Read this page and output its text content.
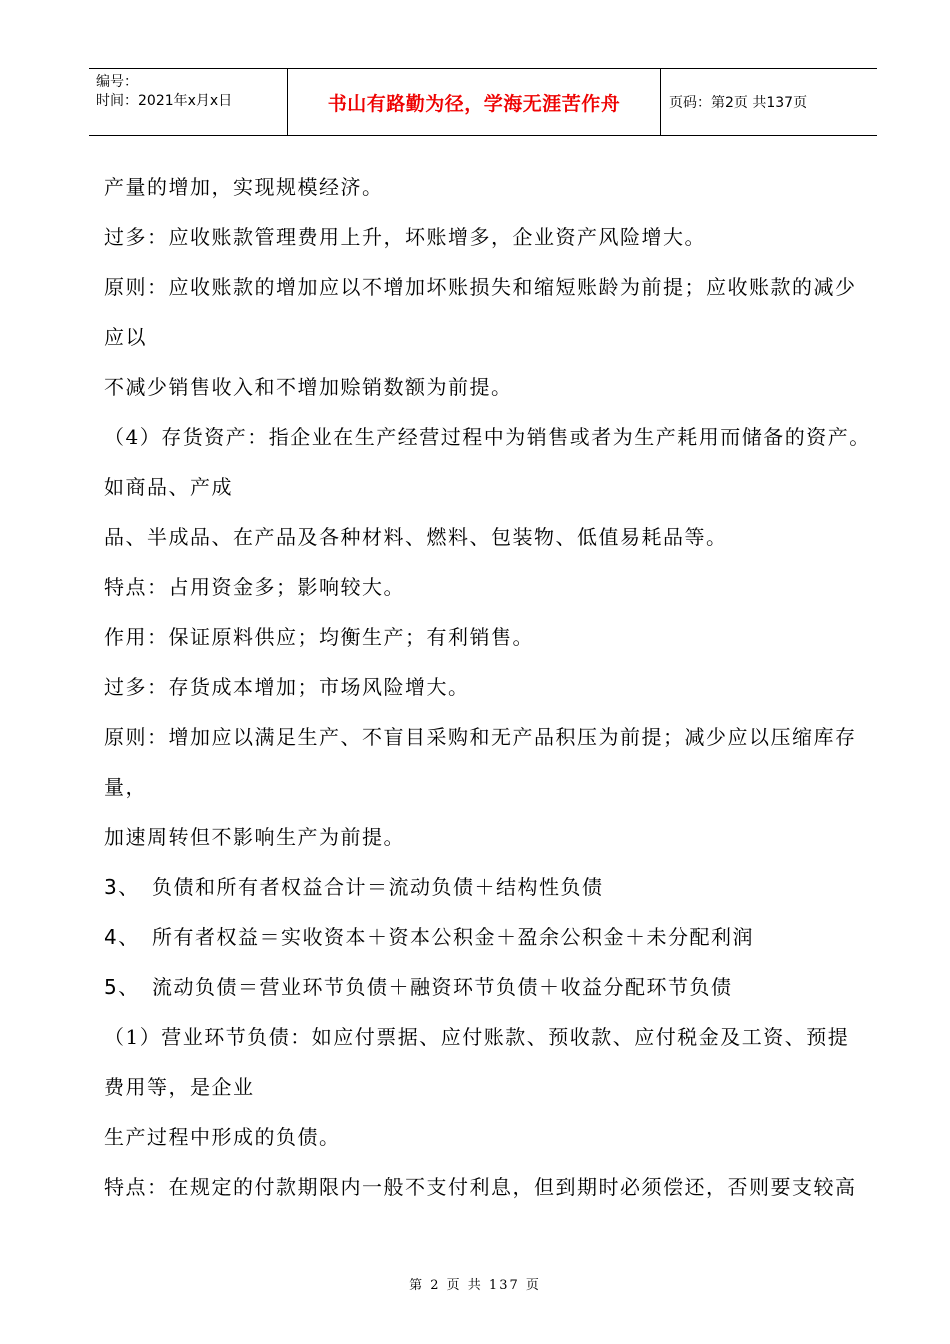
编号：
时间：2021年x月x日	书山有路勤为径，学海无涯苦作舟	页码：第2页 共137页
产量的增加，实现规模经济。
过多：应收账款管理费用上升，坏账增多，企业资产风险增大。
原则：应收账款的增加应以不增加坏账损失和缩短账龄为前提；应收账款的减少
应以
不减少销售收入和不增加赊销数额为前提。
（4）存货资产：指企业在生产经营过程中为销售或者为生产耗用而储备的资产。
如商品、产成
品、半成品、在产品及各种材料、燃料、包装物、低值易耗品等。
特点：占用资金多；影响较大。
作用：保证原料供应；均衡生产；有利销售。
过多：存货成本增加；市场风险增大。
原则：增加应以满足生产、不盲目采购和无产品积压为前提；减少应以压缩库存
量，
加速周转但不影响生产为前提。
3、 负债和所有者权益合计＝流动负债＋结构性负债
4、 所有者权益＝实收资本＋资本公积金＋盈余公积金＋未分配利润
5、 流动负债＝营业环节负债＋融资环节负债＋收益分配环节负债
（1）营业环节负债：如应付票据、应付账款、预收款、应付税金及工资、预提
费用等，是企业
生产过程中形成的负债。
特点：在规定的付款期限内一般不支付利息，但到期时必须偿还，否则要支较高
第 2 页 共 137 页
